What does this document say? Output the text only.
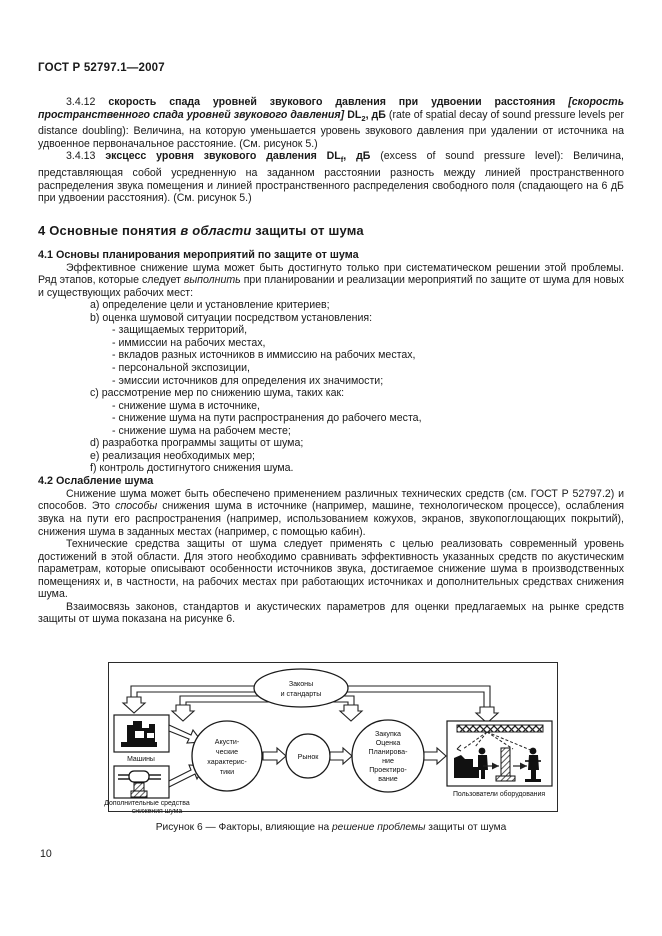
ГОСТ Р 52797.1—2007

3.4.12 скорость спада уровней звукового давления при удвоении расстояния [скорость пространственного спада уровней звукового давления] $DL_2$, дБ (rate of spatial decay of sound pressure levels per distance doubling): Величина, на которую уменьшается уровень звукового давления при удалении от источника на удвоенное первоначальное расстояние. (См. рисунок 5.)

3.4.13 эксцесс уровня звукового давления $DL_f$, дБ (excess of sound pressure level): Величина, представляющая собой усредненную на заданном расстоянии разность между линией пространственного распределения звука помещения и линией пространственного распределения свободного поля (спадающего на 6 дБ при удвоении расстояния). (См. рисунок 5.)

4 Основные понятия в области защиты от шума
4.1 Основы планирования мероприятий по защите от шума

Эффективное снижение шума может быть достигнуто только при систематическом решении этой проблемы. Ряд этапов, которые следует выполнить при планировании и реализации мероприятий по защите от шума для новых и существующих рабочих мест:

a) определение цели и установление критериев;
b) оценка шумовой ситуации посредством установления:
- защищаемых территорий,
- иммиссии на рабочих местах,
- вкладов разных источников в иммиссию на рабочих местах,
- персональной экспозиции,
- эмиссии источников для определения их значимости;
c) рассмотрение мер по снижению шума, таких как:
- снижение шума в источнике,
- снижение шума на пути распространения до рабочего места,
- снижение шума на рабочем месте;
d) разработка программы защиты от шума;
e) реализация необходимых мер;
f) контроль достигнутого снижения шума.
4.2 Ослабление шума

Снижение шума может быть обеспечено применением различных технических средств (см. ГОСТ Р 52797.2) и способов. Это способы снижения шума в источнике (например, машине, технологическом процессе), ослабления звука на пути его распространения (например, использованием кожухов, экранов, звукопоглощающих покрытий), снижения шума в заданных местах (например, с помощью кабин).

Технические средства защиты от шума следует применять с целью реализовать современный уровень достижений в этой области. Для этого необходимо сравнивать эффективность указанных средств по акустическим параметрам, которые описывают особенности источников звука, достигаемое снижение шума в производственных помещениях и, в частности, на рабочих местах при работающих источниках и дополнительных средствах снижения шума.

Взаимосвязь законов, стандартов и акустических параметров для оценки предлагаемых на рынке средств защиты от шума показана на рисунке 6.

Законы
и стандарты
Машины
Дополнительные средства
снижения шума
Акусти-
ческие
характерис-
тики
Рынок
Закупка
Оценка
Планирова-
ние
Проектиро-
вание
Пользователи оборудования
Рисунок 6 — Факторы, влияющие на решение проблемы защиты от шума
10
